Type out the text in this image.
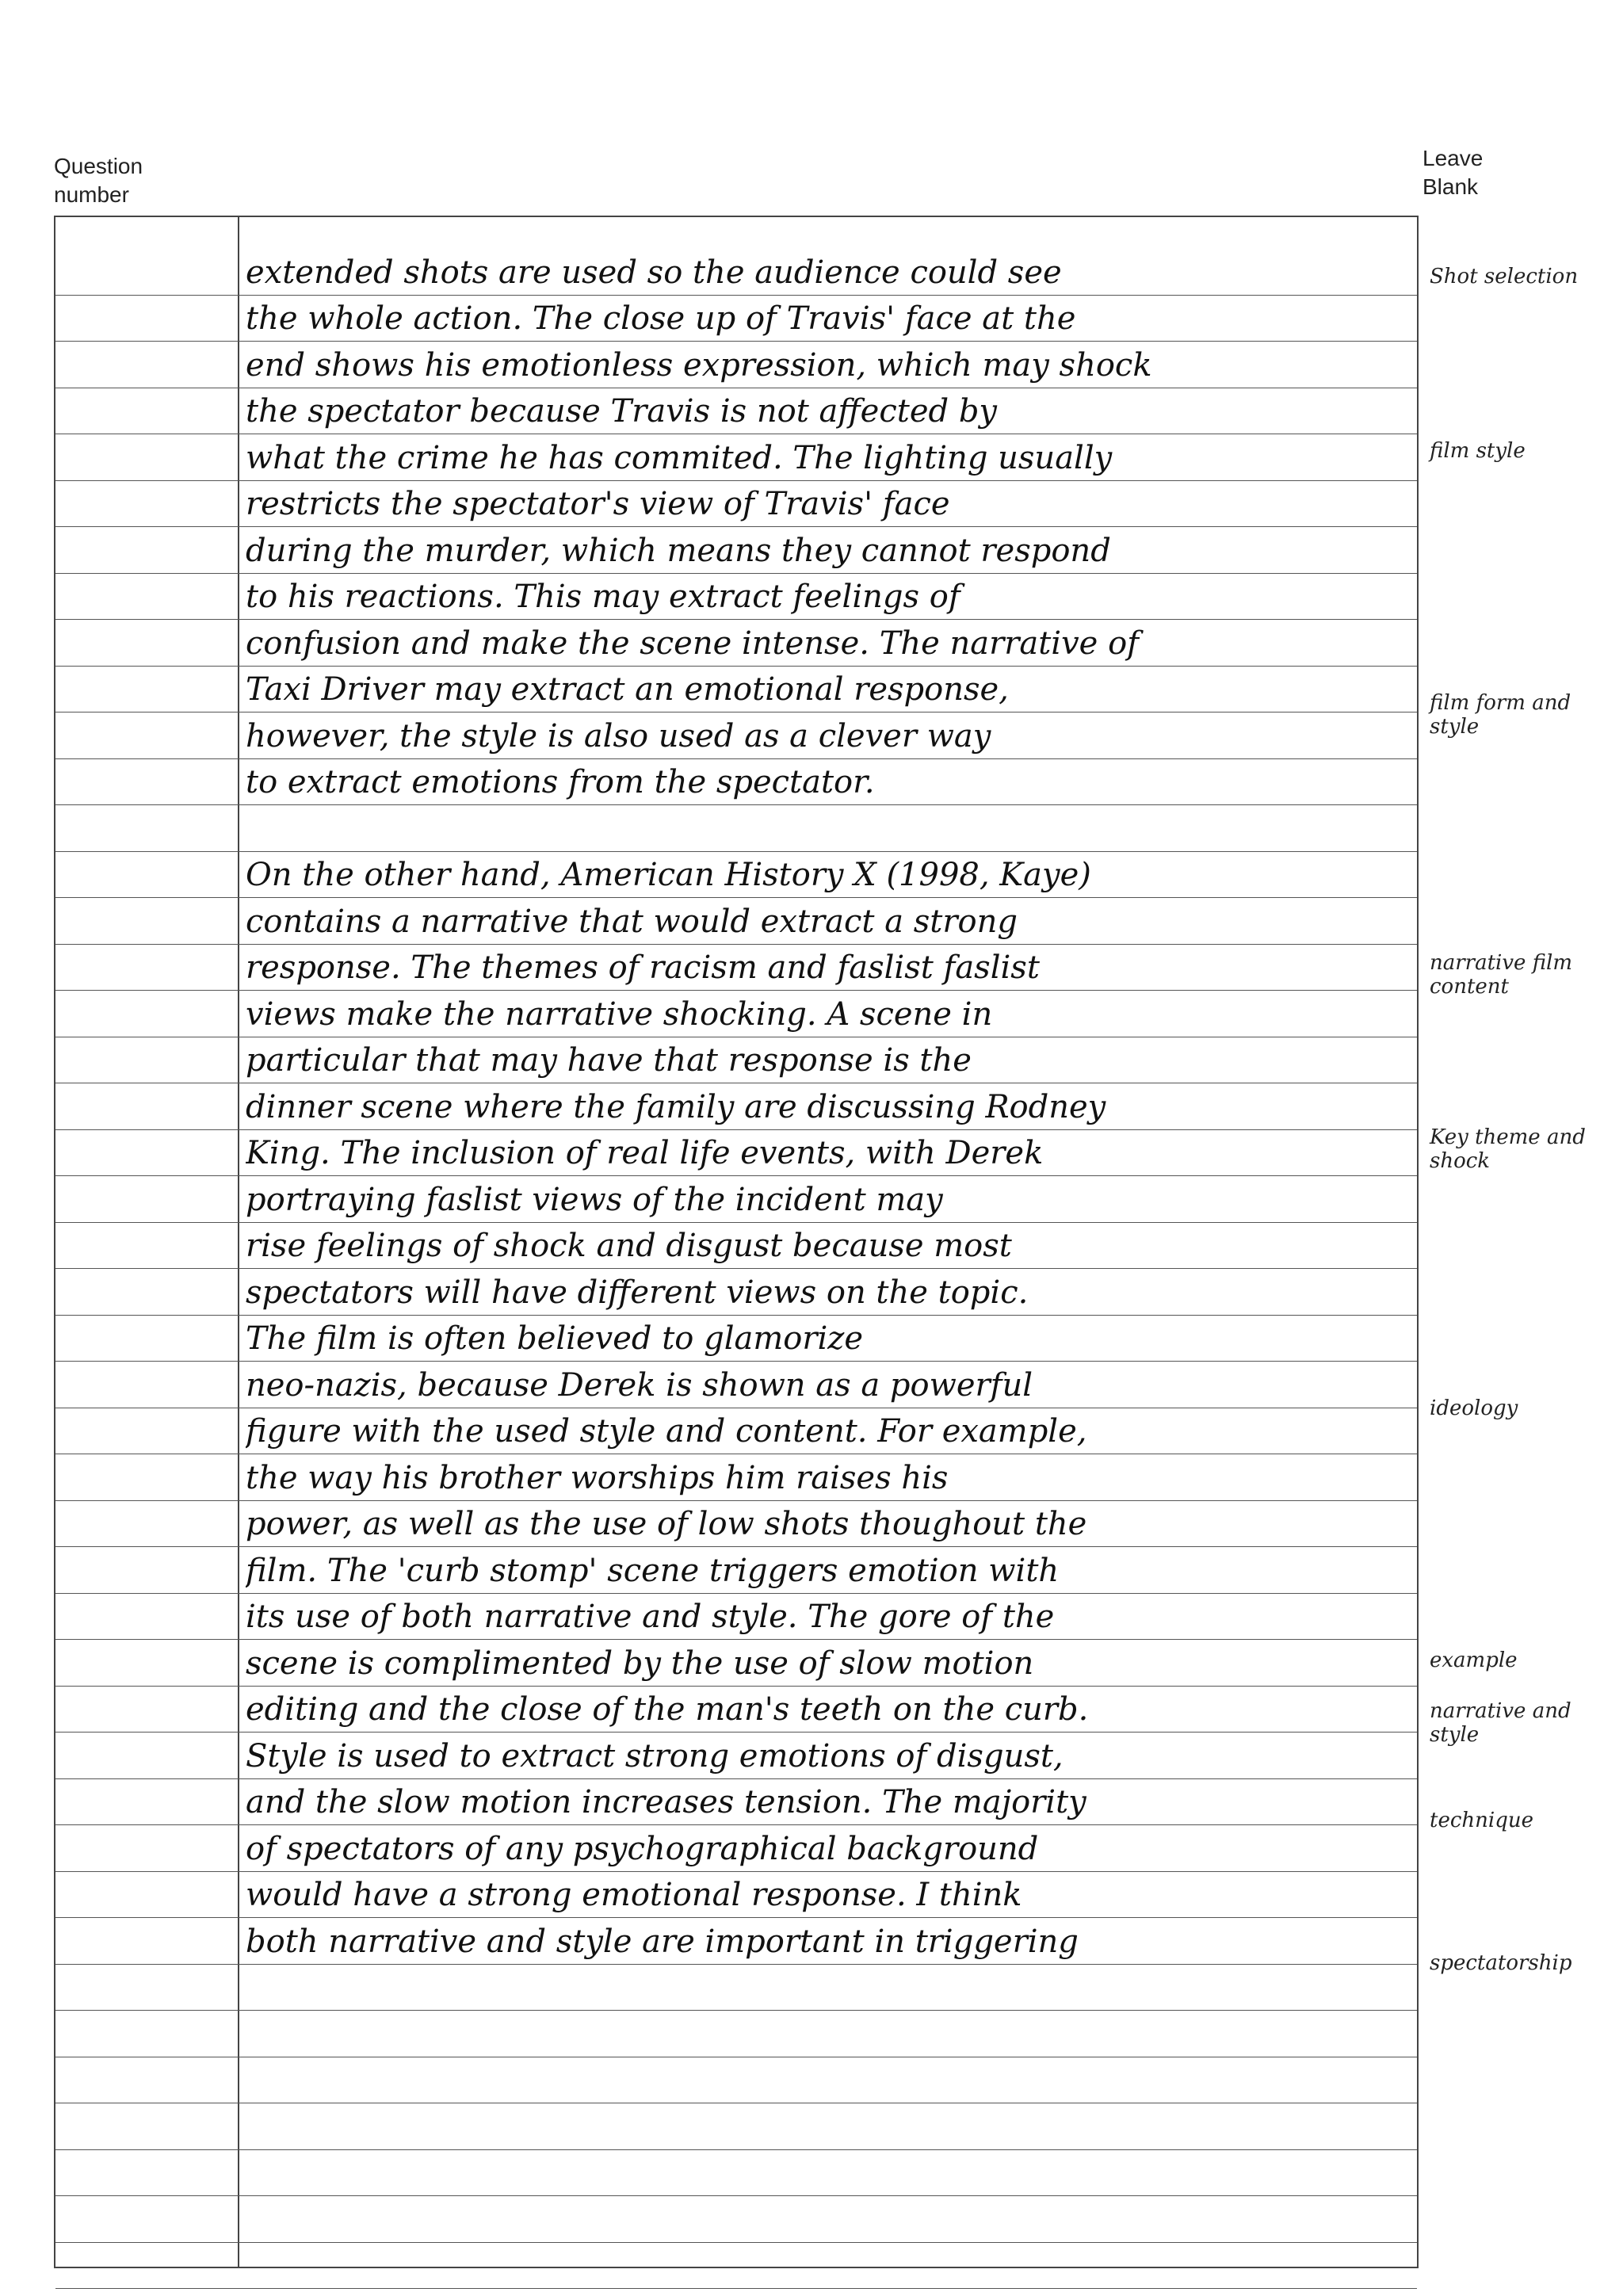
Question number
Leave Blank
extended shots are used so the audience could see
the whole action. The close up of Travis' face at the
end shows his emotionless expression, which may shock
the spectator because Travis is not affected by
what the crime he has commited. The lighting usually
restricts the spectator's view of Travis' face
during the murder, which means they cannot respond
to his reactions. This may extract feelings of
confusion and make the scene intense. The narrative of
Taxi Driver may extract an emotional response,
however, the style is also used as a clever way
to extract emotions from the spectator.
On the other hand, American History X (1998, Kaye)
contains a narrative that would extract a strong
response. The themes of racism and faslist faslist
views make the narrative shocking. A scene in
particular that may have that response is the
dinner scene where the family are discussing Rodney
King. The inclusion of real life events, with Derek
portraying faslist views of the incident may
rise feelings of shock and disgust because most
spectators will have different views on the topic.
The film is often believed to glamorize
neo-nazis, because Derek is shown as a powerful
figure with the used style and content. For example,
the way his brother worships him raises his
power, as well as the use of low shots thoughout the
film. The 'curb stomp' scene triggers emotion with
its use of both narrative and style. The gore of the
scene is complimented by the use of slow motion
editing and the close of the man's teeth on the curb.
Style is used to extract strong emotions of disgust,
and the slow motion increases tension. The majority
of spectators of any psychographical background
would have a strong emotional response. I think
both narrative and style are important in triggering
Shot selection
film style
film form and style
narrative film content
Key theme and shock
ideology
example
narrative and style
technique
spectatorship
